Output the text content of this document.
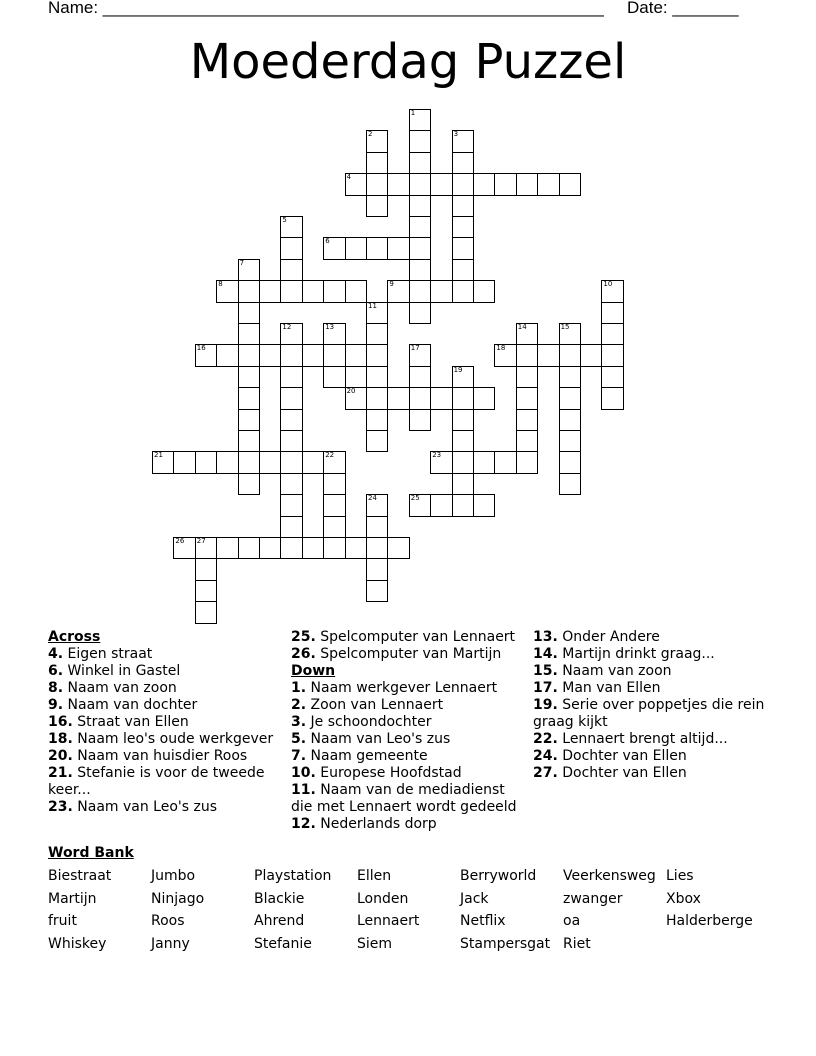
Name: _____________________________________________________ Date: _______
Moederdag Puzzel
1
2	3
4
5
6
7
8	9	10
11
12	13	14	15
16	17	18
19
20
21	22	23
24	25
26 27
Across

4. Eigen straat

6. Winkel in Gastel

8. Naam van zoon

9. Naam van dochter

16. Straat van Ellen

18. Naam leo's oude werkgever

20. Naam van huisdier Roos

21. Stefanie is voor de tweede keer...

23. Naam van Leo's zus

25. Spelcomputer van Lennaert

26. Spelcomputer van Martijn

Down

1. Naam werkgever Lennaert

2. Zoon van Lennaert

3. Je schoondochter

5. Naam van Leo's zus

7. Naam gemeente

10. Europese Hoofdstad

11. Naam van de mediadienst die met Lennaert wordt gedeeld

12. Nederlands dorp

13. Onder Andere

14. Martijn drinkt graag...

15. Naam van zoon

17. Man van Ellen

19. Serie over poppetjes die rein graag kijkt

22. Lennaert brengt altijd...

24. Dochter van Ellen

27. Dochter van Ellen

Word Bank
Biestraat	Jumbo	Playstation Ellen	Berryworld Veerkensweg Lies
Martijn	Ninjago	Blackie	Londen	Jack	zwanger	Xbox
fruit	Roos	Ahrend	Lennaert	Netflix	oa	Halderberge
Whiskey	Janny	Stefanie	Siem	Stampersgat Riet
